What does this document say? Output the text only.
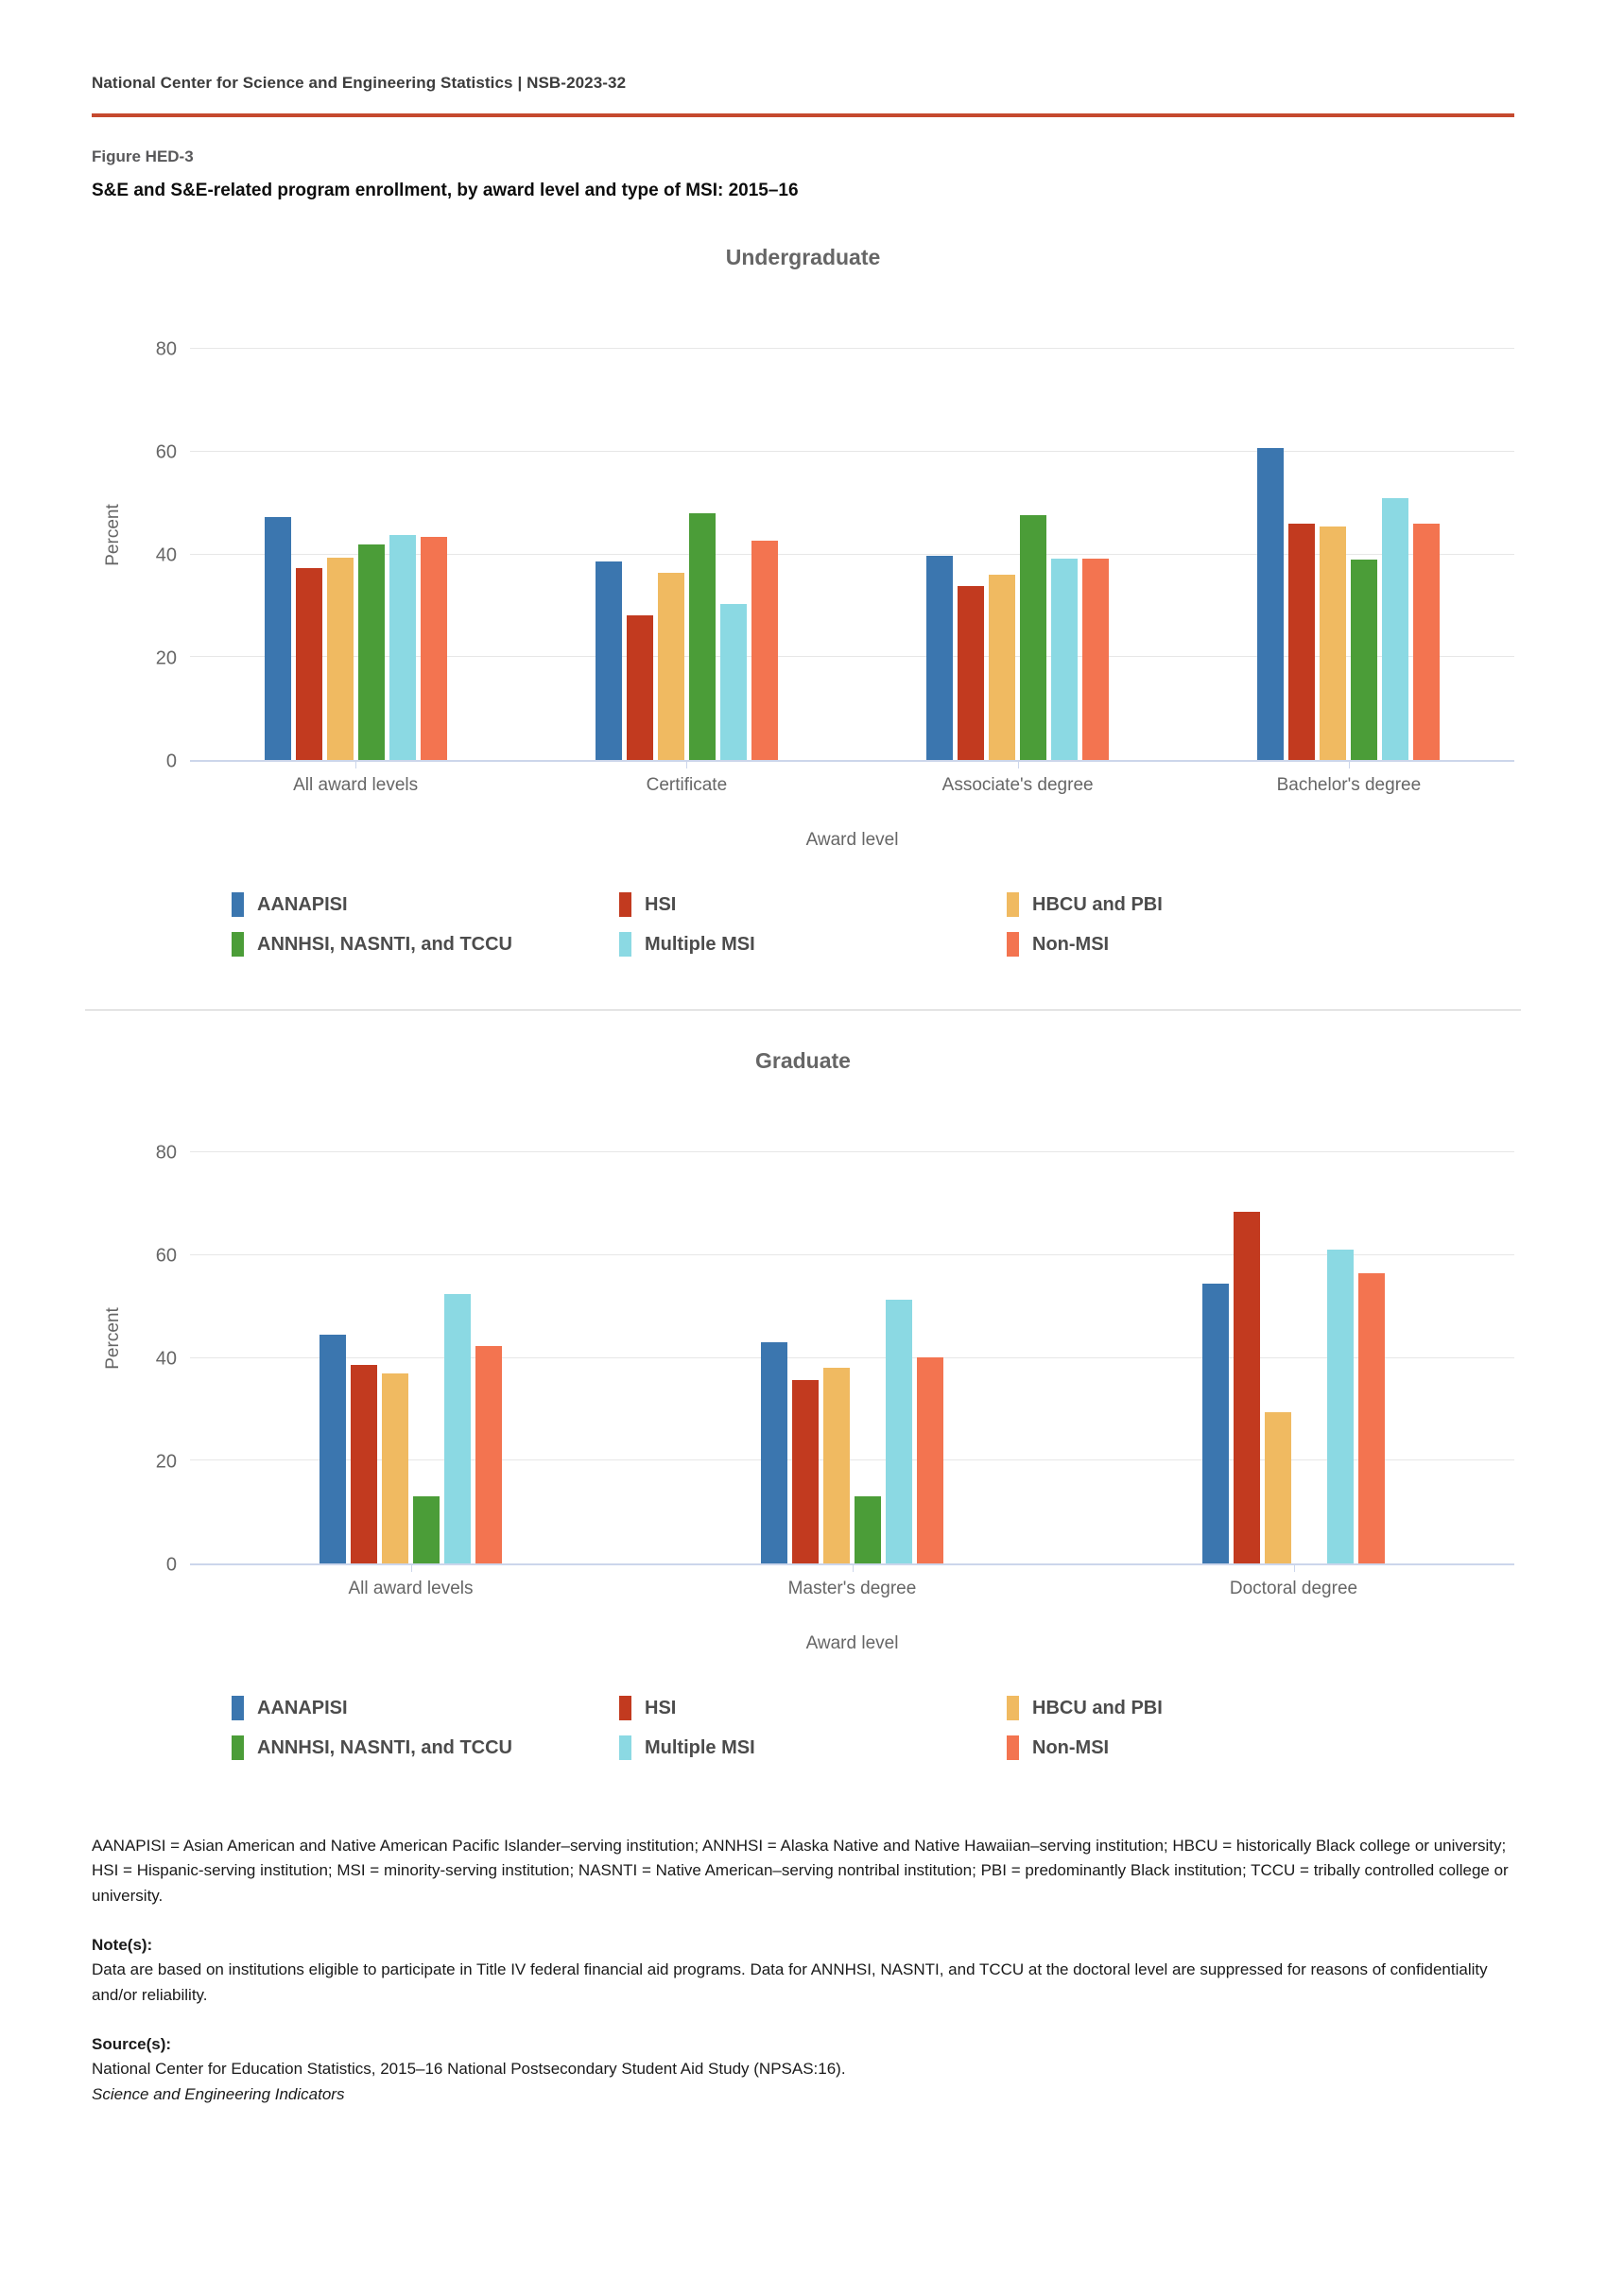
National Center for Science and Engineering Statistics | NSB-2023-32
Figure HED-3
S&E and S&E-related program enrollment, by award level and type of MSI: 2015–16
Undergraduate
Percent
0
20
40
60
80
All award levels	Certificate	Associate's degree	Bachelor's degree
Award level
AANAPISI	HSI	HBCU and PBI
ANNHSI, NASNTI, and TCCU	Multiple MSI	Non-MSI
Graduate
Percent
0
20
40
60
80
All award levels	Master's degree	Doctoral degree
Award level
AANAPISI	HSI	HBCU and PBI
ANNHSI, NASNTI, and TCCU	Multiple MSI	Non-MSI

AANAPISI = Asian American and Native American Pacific Islander–serving institution; ANNHSI = Alaska Native and Native Hawaiian–serving institution; HBCU = historically Black college or university; HSI = Hispanic-serving institution; MSI = minority-serving institution; NASNTI = Native American–serving nontribal institution; PBI = predominantly Black institution; TCCU = tribally controlled college or university.

Note(s):

Data are based on institutions eligible to participate in Title IV federal financial aid programs. Data for ANNHSI, NASNTI, and TCCU at the doctoral level are suppressed for reasons of confidentiality and/or reliability.

Source(s):

National Center for Education Statistics, 2015–16 National Postsecondary Student Aid Study (NPSAS:16).

Science and Engineering Indicators
